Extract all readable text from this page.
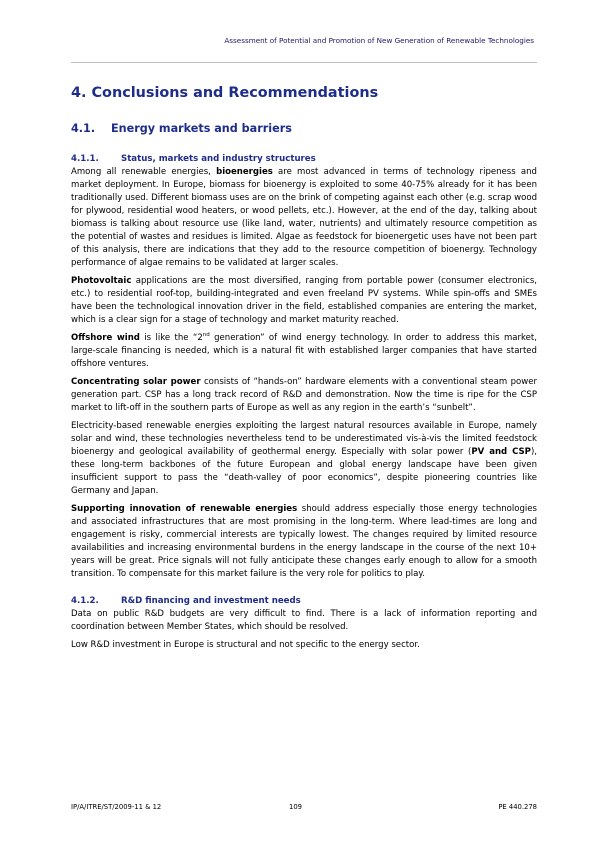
Assessment of Potential and Promotion of New Generation of Renewable Technologies
4. Conclusions and Recommendations
4.1.	Energy markets and barriers
4.1.1.	Status, markets and industry structures

Among all renewable energies, bioenergies are most advanced in terms of technology ripeness and market deployment. In Europe, biomass for bioenergy is exploited to some 40-75% already for it has been traditionally used. Different biomass uses are on the brink of competing against each other (e.g. scrap wood for plywood, residential wood heaters, or wood pellets, etc.). However, at the end of the day, talking about biomass is talking about resource use (like land, water, nutrients) and ultimately resource competition as the potential of wastes and residues is limited. Algae as feedstock for bioenergetic uses have not been part of this analysis, there are indications that they add to the resource competition of bioenergy. Technology performance of algae remains to be validated at larger scales.

Photovoltaic applications are the most diversified, ranging from portable power (consumer electronics, etc.) to residential roof-top, building-integrated and even freeland PV systems. While spin-offs and SMEs have been the technological innovation driver in the field, established companies are entering the market, which is a clear sign for a stage of technology and market maturity reached.

Offshore wind is like the “2nd generation” of wind energy technology. In order to address this market, large-scale financing is needed, which is a natural fit with established larger companies that have started offshore ventures.

Concentrating solar power consists of “hands-on” hardware elements with a conventional steam power generation part. CSP has a long track record of R&D and demonstration. Now the time is ripe for the CSP market to lift-off in the southern parts of Europe as well as any region in the earth’s “sunbelt”.

Electricity-based renewable energies exploiting the largest natural resources available in Europe, namely solar and wind, these technologies nevertheless tend to be underestimated vis-à-vis the limited feedstock bioenergy and geological availability of geothermal energy. Especially with solar power (PV and CSP), these long-term backbones of the future European and global energy landscape have been given insufficient support to pass the “death-valley of poor economics”, despite pioneering countries like Germany and Japan.

Supporting innovation of renewable energies should address especially those energy technologies and associated infrastructures that are most promising in the long-term. Where lead-times are long and engagement is risky, commercial interests are typically lowest. The changes required by limited resource availabilities and increasing environmental burdens in the energy landscape in the course of the next 10+ years will be great. Price signals will not fully anticipate these changes early enough to allow for a smooth transition. To compensate for this market failure is the very role for politics to play.

4.1.2.	R&D financing and investment needs

Data on public R&D budgets are very difficult to find. There is a lack of information reporting and coordination between Member States, which should be resolved.

Low R&D investment in Europe is structural and not specific to the energy sector.

IP/A/ITRE/ST/2009-11 & 12	109	PE 440.278
